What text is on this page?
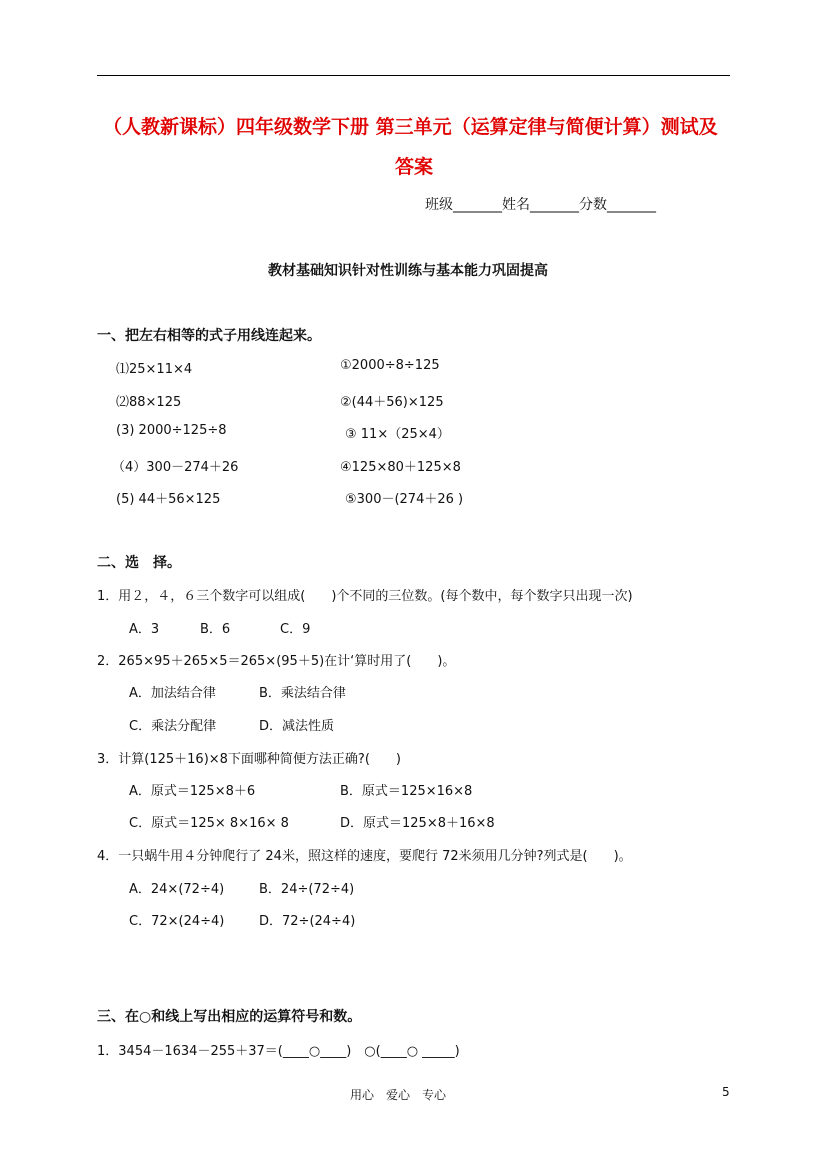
（人教新课标）四年级数学下册 第三单元（运算定律与简便计算）测试及
答案
班级_______姓名_______分数_______
教材基础知识针对性训练与基本能力巩固提高
一、把左右相等的式子用线连起来。
⑴25×11×4
⑵88×125
(3) 2000÷125÷8
（4）300－274＋26
(5) 44＋56×125
①2000÷8÷125
②(44＋56)×125
③ 11×（25×4）
④125×80＋125×8
⑤300－(274＋26 )
二、选　择。
1．用２，４，６三个数字可以组成(　　)个不同的三位数。(每个数中，每个数字只出现一次)
A．3	B．6	C．9
2．265×95＋265×5＝265×(95＋5)在计‘算时用了(　　)。
A．加法结合律	B．乘法结合律
C．乘法分配律	D．减法性质
3．计算(125＋16)×8下面哪种简便方法正确?(　　)
A．原式＝125×8＋6	B．原式＝125×16×8
C．原式＝125× 8×16× 8	D．原式＝125×8＋16×8
4．一只蜗牛用４分钟爬行了 24米，照这样的速度，要爬行 72米须用几分钟?列式是(　　)。
A．24×(72÷4)	B．24÷(72÷4)
C．72×(24÷4)	D．72÷(24÷4)
三、在○和线上写出相应的运算符号和数。
1．3454－1634－255＋37＝(____○____)　○(____○ _____)
用心　爱心　专心	5
